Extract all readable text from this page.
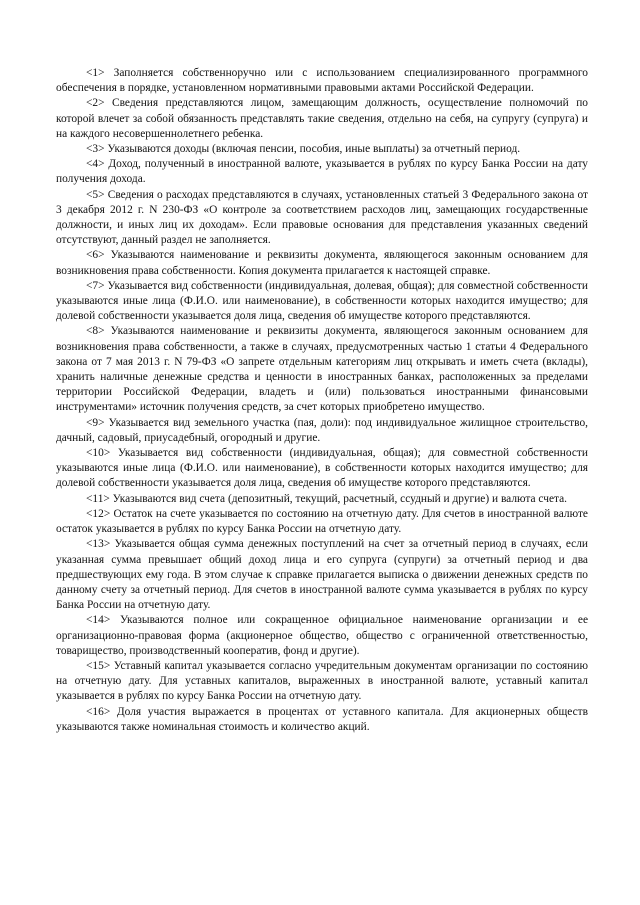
<1> Заполняется собственноручно или с использованием специализированного программного обеспечения в порядке, установленном нормативными правовыми актами Российской Федерации.

<2> Сведения представляются лицом, замещающим должность, осуществление полномочий по которой влечет за собой обязанность представлять такие сведения, отдельно на себя, на супругу (супруга) и на каждого несовершеннолетнего ребенка.

<3> Указываются доходы (включая пенсии, пособия, иные выплаты) за отчетный период.

<4> Доход, полученный в иностранной валюте, указывается в рублях по курсу Банка России на дату получения дохода.

<5> Сведения о расходах представляются в случаях, установленных статьей 3 Федерального закона от 3 декабря 2012 г. N 230-ФЗ «О контроле за соответствием расходов лиц, замещающих государственные должности, и иных лиц их доходам». Если правовые основания для представления указанных сведений отсутствуют, данный раздел не заполняется.

<6> Указываются наименование и реквизиты документа, являющегося законным основанием для возникновения права собственности. Копия документа прилагается к настоящей справке.

<7> Указывается вид собственности (индивидуальная, долевая, общая); для совместной собственности указываются иные лица (Ф.И.О. или наименование), в собственности которых находится имущество; для долевой собственности указывается доля лица, сведения об имуществе которого представляются.

<8> Указываются наименование и реквизиты документа, являющегося законным основанием для возникновения права собственности, а также в случаях, предусмотренных частью 1 статьи 4 Федерального закона от 7 мая 2013 г. N 79-ФЗ «О запрете отдельным категориям лиц открывать и иметь счета (вклады), хранить наличные денежные средства и ценности в иностранных банках, расположенных за пределами территории Российской Федерации, владеть и (или) пользоваться иностранными финансовыми инструментами» источник получения средств, за счет которых приобретено имущество.

<9> Указывается вид земельного участка (пая, доли): под индивидуальное жилищное строительство, дачный, садовый, приусадебный, огородный и другие.

<10> Указывается вид собственности (индивидуальная, общая); для совместной собственности указываются иные лица (Ф.И.О. или наименование), в собственности которых находится имущество; для долевой собственности указывается доля лица, сведения об имуществе которого представляются.

<11> Указываются вид счета (депозитный, текущий, расчетный, ссудный и другие) и валюта счета.

<12> Остаток на счете указывается по состоянию на отчетную дату. Для счетов в иностранной валюте остаток указывается в рублях по курсу Банка России на отчетную дату.

<13> Указывается общая сумма денежных поступлений на счет за отчетный период в случаях, если указанная сумма превышает общий доход лица и его супруга (супруги) за отчетный период и два предшествующих ему года. В этом случае к справке прилагается выписка о движении денежных средств по данному счету за отчетный период. Для счетов в иностранной валюте сумма указывается в рублях по курсу Банка России на отчетную дату.

<14> Указываются полное или сокращенное официальное наименование организации и ее организационно-правовая форма (акционерное общество, общество с ограниченной ответственностью, товарищество, производственный кооператив, фонд и другие).

<15> Уставный капитал указывается согласно учредительным документам организации по состоянию на отчетную дату. Для уставных капиталов, выраженных в иностранной валюте, уставный капитал указывается в рублях по курсу Банка России на отчетную дату.

<16> Доля участия выражается в процентах от уставного капитала. Для акционерных обществ указываются также номинальная стоимость и количество акций.
